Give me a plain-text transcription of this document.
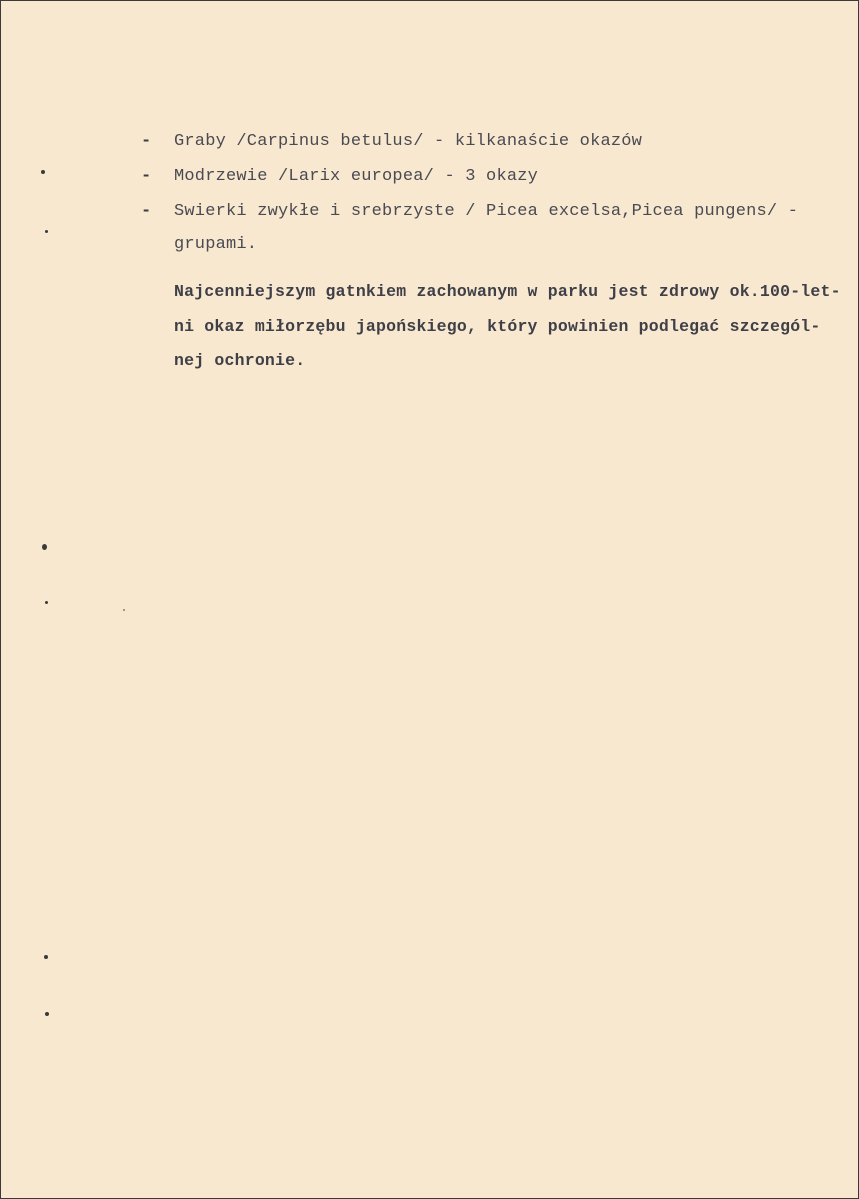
- Graby /Carpinus betulus/ - kilkanaście okazów
- Modrzewie /Larix europea/ - 3 okazy
- Swierki zwykłe i srebrzyste / Picea excelsa,Picea pungens/ -
grupami.
Najcenniejszym gatnkiem zachowanym w parku jest zdrowy ok.100-let-
ni okaz miłorzębu japońskiego, który powinien podlegać szczegól-
nej ochronie.
